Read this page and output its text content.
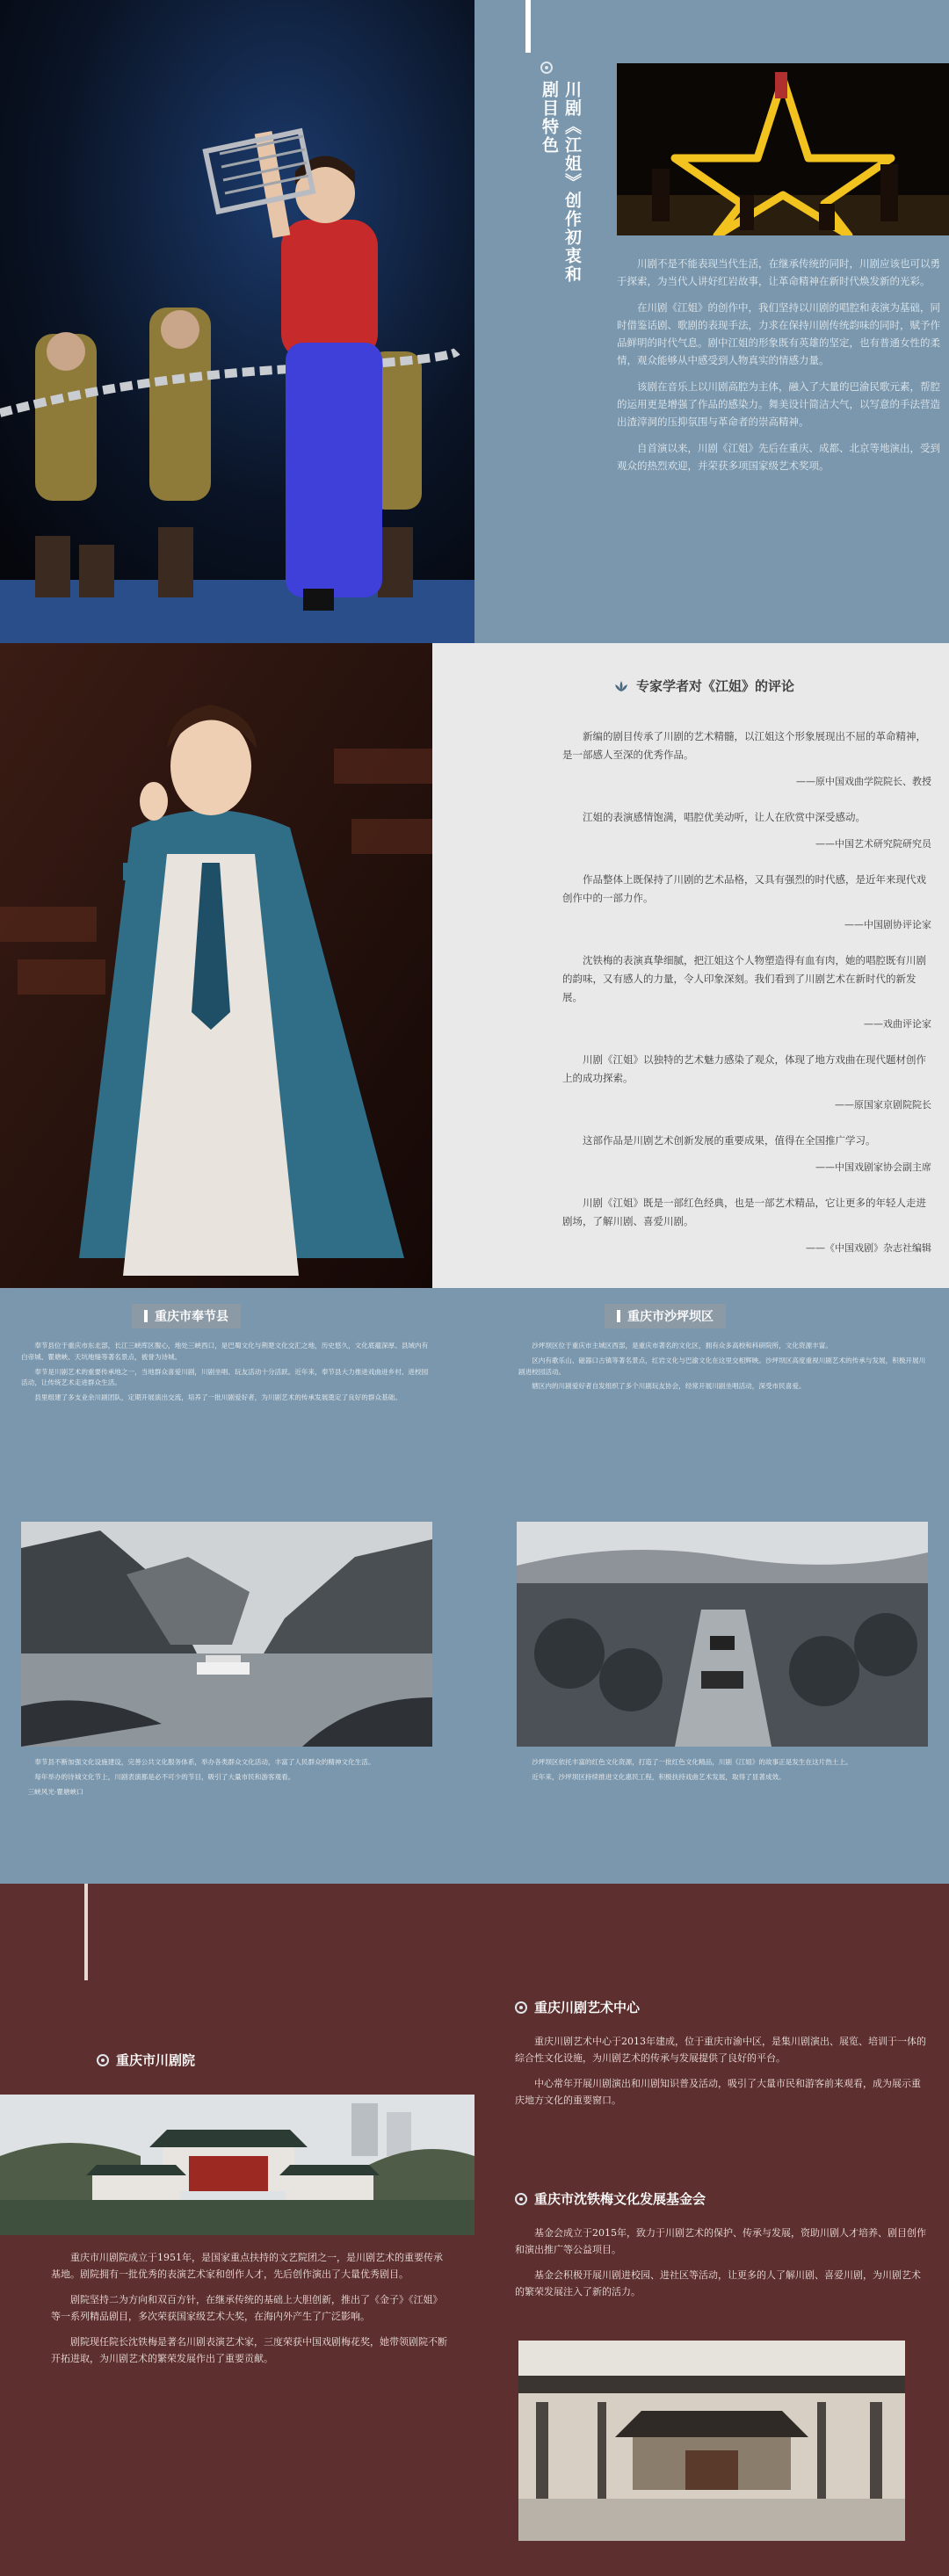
川剧《江姐》创作初衷和剧目特色

川剧不是不能表现当代生活，在继承传统的同时，川剧应该也可以勇于探索，为当代人讲好红岩故事，让革命精神在新时代焕发新的光彩。

在川剧《江姐》的创作中，我们坚持以川剧的唱腔和表演为基础，同时借鉴话剧、歌剧的表现手法，力求在保持川剧传统韵味的同时，赋予作品鲜明的时代气息。剧中江姐的形象既有英雄的坚定，也有普通女性的柔情，观众能够从中感受到人物真实的情感力量。

该剧在音乐上以川剧高腔为主体，融入了大量的巴渝民歌元素，帮腔的运用更是增强了作品的感染力。舞美设计简洁大气，以写意的手法营造出渣滓洞的压抑氛围与革命者的崇高精神。

自首演以来，川剧《江姐》先后在重庆、成都、北京等地演出，受到观众的热烈欢迎，并荣获多项国家级艺术奖项。

专家学者对《江姐》的评论

新编的剧目传承了川剧的艺术精髓，以江姐这个形象展现出不屈的革命精神，是一部感人至深的优秀作品。

——原中国戏曲学院院长、教授

江姐的表演感情饱满，唱腔优美动听，让人在欣赏中深受感动。

——中国艺术研究院研究员

作品整体上既保持了川剧的艺术品格，又具有强烈的时代感，是近年来现代戏创作中的一部力作。

——中国剧协评论家

沈铁梅的表演真挚细腻，把江姐这个人物塑造得有血有肉，她的唱腔既有川剧的韵味，又有感人的力量，令人印象深刻。我们看到了川剧艺术在新时代的新发展。

——戏曲评论家

川剧《江姐》以独特的艺术魅力感染了观众，体现了地方戏曲在现代题材创作上的成功探索。

——原国家京剧院院长

这部作品是川剧艺术创新发展的重要成果，值得在全国推广学习。

——中国戏剧家协会副主席

川剧《江姐》既是一部红色经典，也是一部艺术精品，它让更多的年轻人走进剧场，了解川剧、喜爱川剧。

——《中国戏剧》杂志社编辑
重庆市奉节县	重庆市沙坪坝区

奉节县位于重庆市东北部，长江三峡库区腹心，地处三峡西口，是巴蜀文化与荆楚文化交汇之地，历史悠久，文化底蕴深厚。县域内有白帝城、瞿塘峡、天坑地缝等著名景点，被誉为诗城。

奉节是川剧艺术的重要传承地之一，当地群众喜爱川剧，川剧坐唱、玩友活动十分活跃。近年来，奉节县大力推进戏曲进乡村、进校园活动，让传统艺术走进群众生活。

县里组建了多支业余川剧团队，定期开展演出交流，培养了一批川剧爱好者，为川剧艺术的传承发展奠定了良好的群众基础。

沙坪坝区位于重庆市主城区西部，是重庆市著名的文化区，拥有众多高校和科研院所，文化资源丰富。

区内有歌乐山、磁器口古镇等著名景点，红岩文化与巴渝文化在这里交相辉映。沙坪坝区高度重视川剧艺术的传承与发展，积极开展川剧进校园活动。

辖区内的川剧爱好者自发组织了多个川剧玩友协会，经常开展川剧坐唱活动，深受市民喜爱。

奉节县不断加强文化设施建设，完善公共文化服务体系，举办各类群众文化活动，丰富了人民群众的精神文化生活。

每年举办的诗城文化节上，川剧表演都是必不可少的节目，吸引了大量市民和游客观看。

三峡风光·瞿塘峡口

沙坪坝区依托丰富的红色文化资源，打造了一批红色文化精品，川剧《江姐》的故事正是发生在这片热土上。

近年来，沙坪坝区持续推进文化惠民工程，积极扶持戏曲艺术发展，取得了显著成效。

重庆市川剧院

重庆市川剧院成立于1951年，是国家重点扶持的文艺院团之一，是川剧艺术的重要传承基地。剧院拥有一批优秀的表演艺术家和创作人才，先后创作演出了大量优秀剧目。

剧院坚持二为方向和双百方针，在继承传统的基础上大胆创新，推出了《金子》《江姐》等一系列精品剧目，多次荣获国家级艺术大奖，在海内外产生了广泛影响。

剧院现任院长沈铁梅是著名川剧表演艺术家，三度荣获中国戏剧梅花奖，她带领剧院不断开拓进取，为川剧艺术的繁荣发展作出了重要贡献。

重庆川剧艺术中心

重庆川剧艺术中心于2013年建成，位于重庆市渝中区，是集川剧演出、展览、培训于一体的综合性文化设施，为川剧艺术的传承与发展提供了良好的平台。

中心常年开展川剧演出和川剧知识普及活动，吸引了大量市民和游客前来观看，成为展示重庆地方文化的重要窗口。

重庆市沈铁梅文化发展基金会

基金会成立于2015年，致力于川剧艺术的保护、传承与发展，资助川剧人才培养、剧目创作和演出推广等公益项目。

基金会积极开展川剧进校园、进社区等活动，让更多的人了解川剧、喜爱川剧，为川剧艺术的繁荣发展注入了新的活力。
